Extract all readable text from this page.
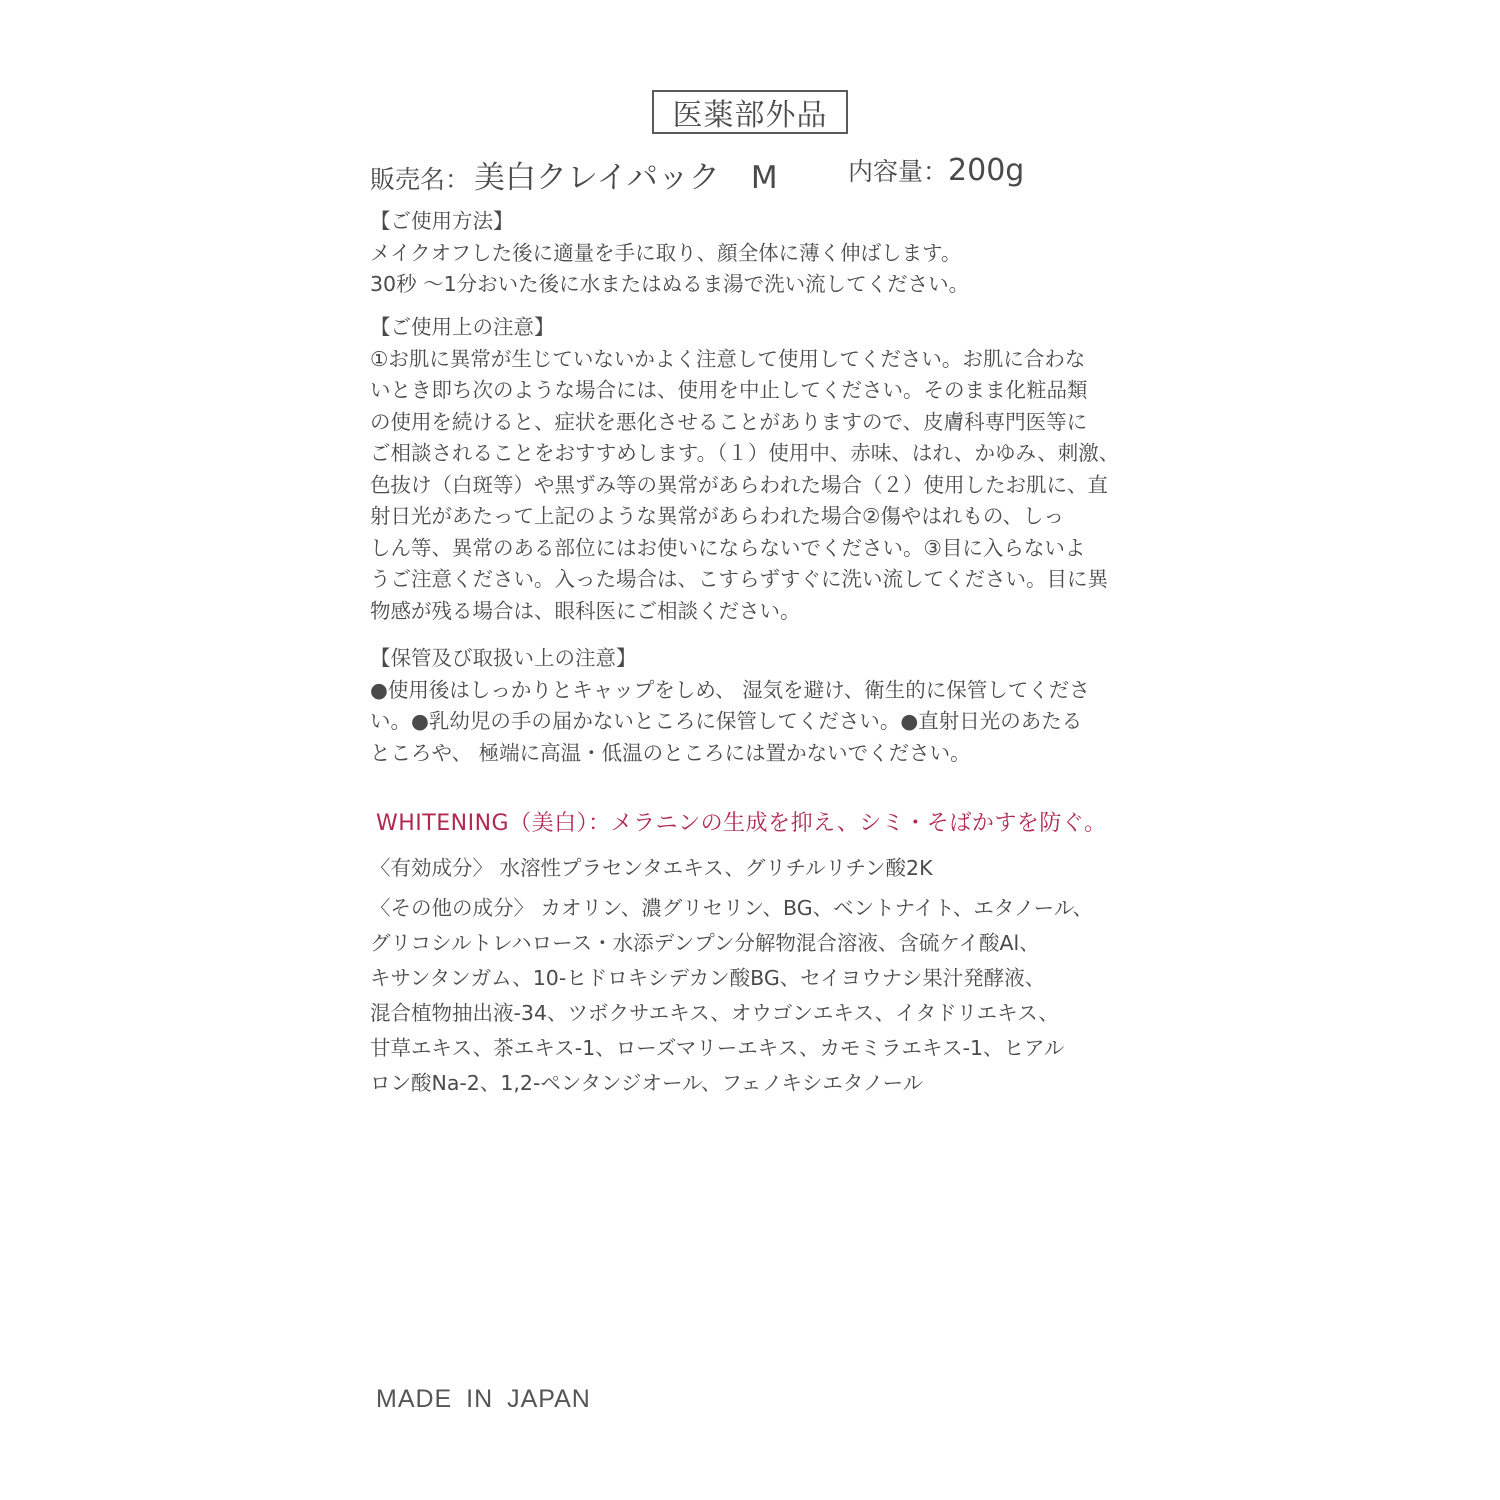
医薬部外品
販売名： 美白クレイパック　M	内容量：200g
【ご使用方法】
メイクオフした後に適量を手に取り、顔全体に薄く伸ばします。
30秒 ～1分おいた後に水またはぬるま湯で洗い流してください。
【ご使用上の注意】
①お肌に異常が生じていないかよく注意して使用してください。お肌に合わな
いとき即ち次のような場合には、使用を中止してください。そのまま化粧品類
の使用を続けると、症状を悪化させることがありますので、皮膚科専門医等に
ご相談されることをおすすめします。（１）使用中、赤味、はれ、かゆみ、刺激、
色抜け（白斑等）や黒ずみ等の異常があらわれた場合（２）使用したお肌に、直
射日光があたって上記のような異常があらわれた場合②傷やはれもの、しっ
しん等、異常のある部位にはお使いにならないでください。③目に入らないよ
うご注意ください。入った場合は、こすらずすぐに洗い流してください。目に異
物感が残る場合は、眼科医にご相談ください。
【保管及び取扱い上の注意】
●使用後はしっかりとキャップをしめ、 湿気を避け、衛生的に保管してくださ
い。●乳幼児の手の届かないところに保管してください。●直射日光のあたる
ところや、 極端に高温・低温のところには置かないでください。
WHITENING（美白）：メラニンの生成を抑え、シミ・そばかすを防ぐ。
〈有効成分〉 水溶性プラセンタエキス、グリチルリチン酸2K
〈その他の成分〉 カオリン、濃グリセリン、BG、ベントナイト、エタノール、
グリコシルトレハロース・水添デンプン分解物混合溶液、含硫ケイ酸Al、
キサンタンガム、10-ヒドロキシデカン酸BG、セイヨウナシ果汁発酵液、
混合植物抽出液-34、ツボクサエキス、オウゴンエキス、イタドリエキス、
甘草エキス、茶エキス-1、ローズマリーエキス、カモミラエキス-1、ヒアル
ロン酸Na-2、1,2-ペンタンジオール、フェノキシエタノール
MADE IN JAPAN
